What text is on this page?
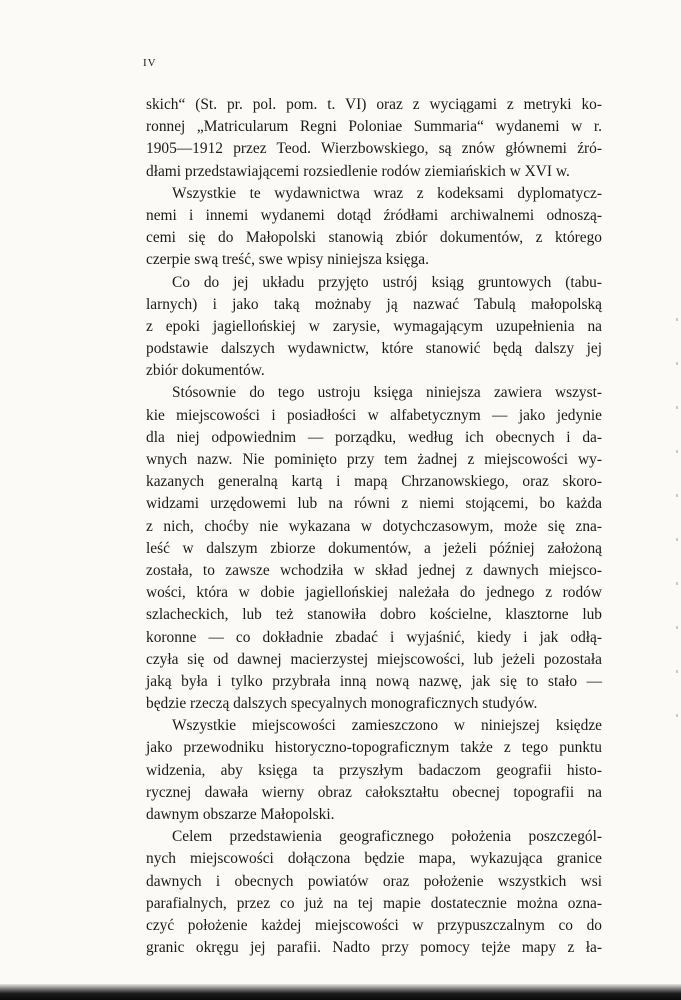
IV
skich“ (St. pr. pol. pom. t. VI) oraz z wyciągami z metryki ko-
ronnej „Matricularum Regni Poloniae Summaria“ wydanemi w r.
1905—1912 przez Teod. Wierzbowskiego, są znów głównemi źró-
dłami przedstawiającemi rozsiedlenie rodów ziemiańskich w XVI w.
Wszystkie te wydawnictwa wraz z kodeksami dyplomatycz-
nemi i innemi wydanemi dotąd źródłami archiwalnemi odnoszą-
cemi się do Małopolski stanowią zbiór dokumentów, z którego
czerpie swą treść, swe wpisy niniejsza księga.
Co do jej układu przyjęto ustrój ksiąg gruntowych (tabu-
larnych) i jako taką możnaby ją nazwać Tabulą małopolską
z epoki jagiellońskiej w zarysie, wymagającym uzupełnienia na
podstawie dalszych wydawnictw, które stanowić będą dalszy jej
zbiór dokumentów.
Stósownie do tego ustroju księga niniejsza zawiera wszyst-
kie miejscowości i posiadłości w alfabetycznym — jako jedynie
dla niej odpowiednim — porządku, według ich obecnych i da-
wnych nazw. Nie pominięto przy tem żadnej z miejscowości wy-
kazanych generalną kartą i mapą Chrzanowskiego, oraz skoro-
widzami urzędowemi lub na równi z niemi stojącemi, bo każda
z nich, choćby nie wykazana w dotychczasowym, może się zna-
leść w dalszym zbiorze dokumentów, a jeżeli później założoną
została, to zawsze wchodziła w skład jednej z dawnych miejsco-
wości, która w dobie jagiellońskiej należała do jednego z rodów
szlacheckich, lub też stanowiła dobro kościelne, klasztorne lub
koronne — co dokładnie zbadać i wyjaśnić, kiedy i jak odłą-
czyła się od dawnej macierzystej miejscowości, lub jeżeli pozostała
jaką była i tylko przybrała inną nową nazwę, jak się to stało —
będzie rzeczą dalszych specyalnych monograficznych studyów.
Wszystkie miejscowości zamieszczono w niniejszej księdze
jako przewodniku historyczno-topograficznym także z tego punktu
widzenia, aby księga ta przyszłym badaczom geografii histo-
rycznej dawała wierny obraz całokształtu obecnej topografii na
dawnym obszarze Małopolski.
Celem przedstawienia geograficznego położenia poszczegól-
nych miejscowości dołączona będzie mapa, wykazująca granice
dawnych i obecnych powiatów oraz położenie wszystkich wsi
parafialnych, przez co już na tej mapie dostatecznie można ozna-
czyć położenie każdej miejscowości w przypuszczalnym co do
granic okręgu jej parafii. Nadto przy pomocy tejże mapy z ła-
